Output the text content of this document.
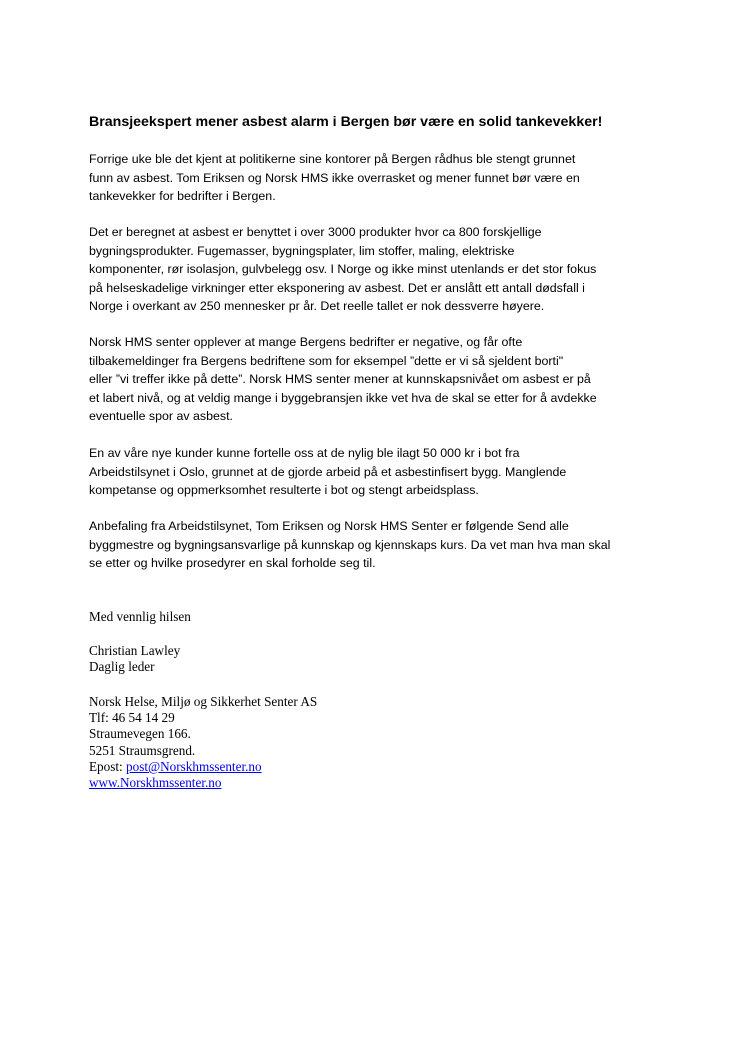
Bransjeekspert mener asbest alarm i Bergen bør være en solid tankevekker!
Forrige uke ble det kjent at politikerne sine kontorer på Bergen rådhus ble stengt grunnet
funn av asbest. Tom Eriksen og Norsk HMS ikke overrasket og mener funnet bør være en
tankevekker for bedrifter i Bergen.
Det er beregnet at asbest er benyttet i over 3000 produkter hvor ca 800 forskjellige
bygningsprodukter. Fugemasser, bygningsplater, lim stoffer, maling, elektriske
komponenter, rør isolasjon, gulvbelegg osv. I Norge og ikke minst utenlands er det stor fokus
på helseskadelige virkninger etter eksponering av asbest. Det er anslått ett antall dødsfall i
Norge i overkant av 250 mennesker pr år. Det reelle tallet er nok dessverre høyere.
Norsk HMS senter opplever at mange Bergens bedrifter er negative, og får ofte
tilbakemeldinger fra Bergens bedriftene som for eksempel ”dette er vi så sjeldent borti"
eller ”vi treffer ikke på dette”. Norsk HMS senter mener at kunnskapsnivået om asbest er på
et labert nivå, og at veldig mange i byggebransjen ikke vet hva de skal se etter for å avdekke
eventuelle spor av asbest.
En av våre nye kunder kunne fortelle oss at de nylig ble ilagt 50 000 kr i bot fra
Arbeidstilsynet i Oslo, grunnet at de gjorde arbeid på et asbestinfisert bygg. Manglende
kompetanse og oppmerksomhet resulterte i bot og stengt arbeidsplass.
Anbefaling fra Arbeidstilsynet, Tom Eriksen og Norsk HMS Senter er følgende Send alle
byggmestre og bygningsansvarlige på kunnskap og kjennskaps kurs. Da vet man hva man skal
se etter og hvilke prosedyrer en skal forholde seg til.
Med vennlig hilsen
Christian Lawley
Daglig leder
Norsk Helse, Miljø og Sikkerhet Senter AS
Tlf: 46 54 14 29
Straumevegen 166.
5251 Straumsgrend.
Epost: post@Norskhmssenter.no
www.Norskhmssenter.no
